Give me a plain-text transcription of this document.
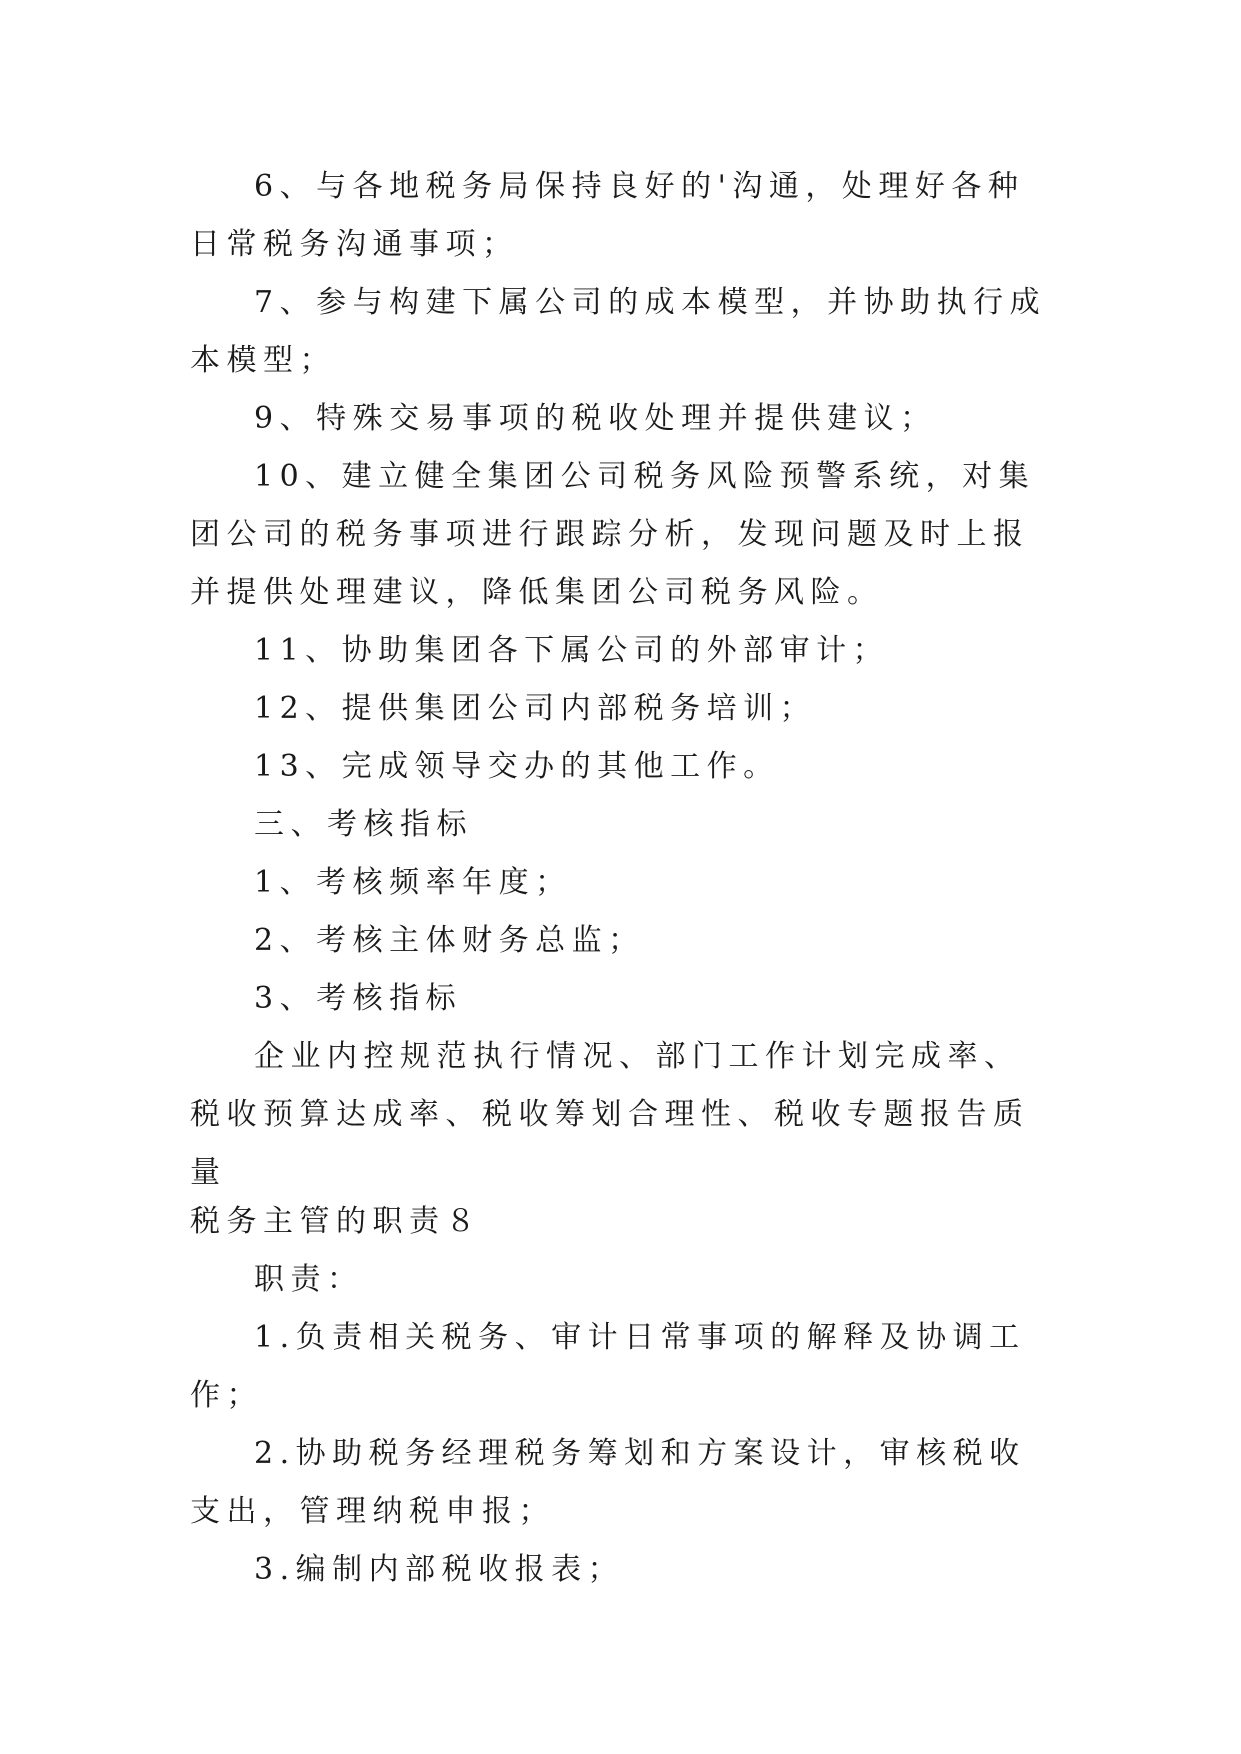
6、与各地税务局保持良好的'沟通，处理好各种日常税务沟通事项；

7、参与构建下属公司的成本模型，并协助执行成本模型；

9、特殊交易事项的税收处理并提供建议；

10、建立健全集团公司税务风险预警系统，对集团公司的税务事项进行跟踪分析，发现问题及时上报并提供处理建议，降低集团公司税务风险。

11、协助集团各下属公司的外部审计；

12、提供集团公司内部税务培训；

13、完成领导交办的其他工作。

三、考核指标

1、考核频率年度；

2、考核主体财务总监；

3、考核指标

企业内控规范执行情况、部门工作计划完成率、税收预算达成率、税收筹划合理性、税收专题报告质量

税务主管的职责８

职责：

1.负责相关税务、审计日常事项的解释及协调工作；

2.协助税务经理税务筹划和方案设计，审核税收支出，管理纳税申报；

3.编制内部税收报表；
